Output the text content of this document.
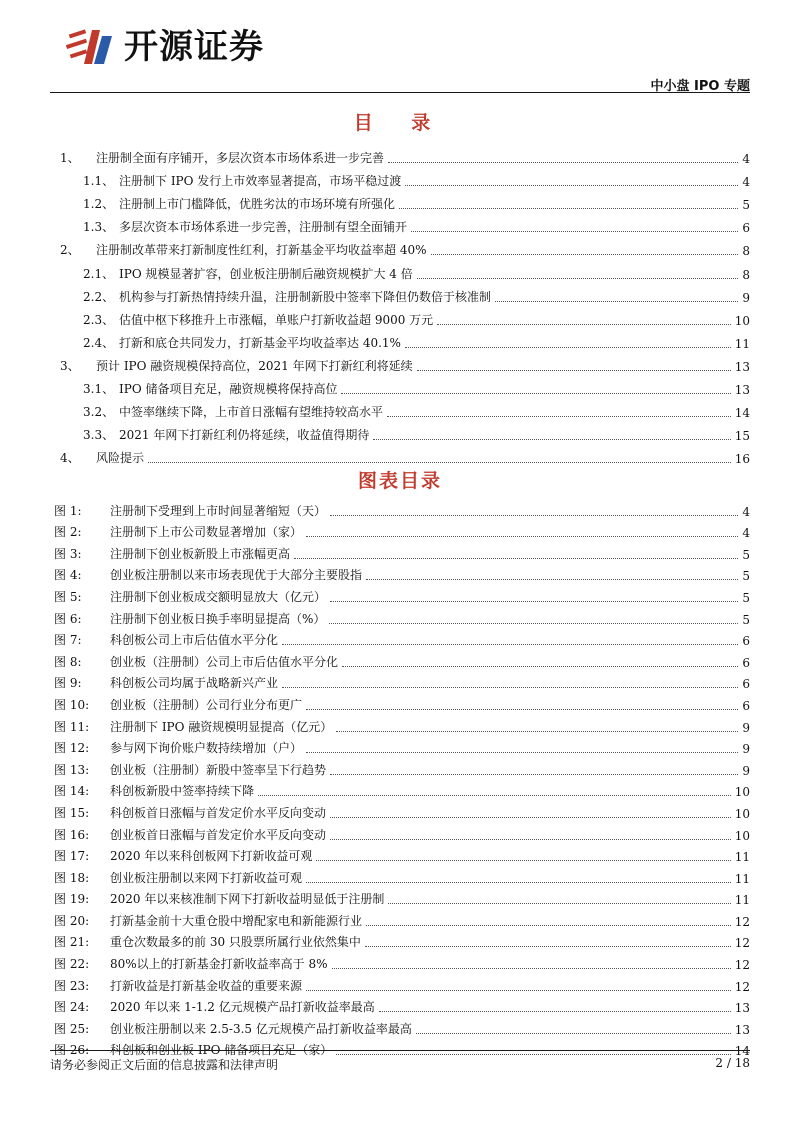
开源证券
中小盘 IPO 专题
目 录
1、	注册制全面有序铺开，多层次资本市场体系进一步完善	4
1.1、 注册制下 IPO 发行上市效率显著提高，市场平稳过渡	4
1.2、 注册制上市门槛降低，优胜劣汰的市场环境有所强化	5
1.3、 多层次资本市场体系进一步完善，注册制有望全面铺开	6
2、	注册制改革带来打新制度性红利，打新基金平均收益率超 40%	8
2.1、 IPO 规模显著扩容，创业板注册制后融资规模扩大 4 倍	8
2.2、 机构参与打新热情持续升温，注册制新股中签率下降但仍数倍于核准制	9
2.3、 估值中枢下移推升上市涨幅，单账户打新收益超 9000 万元	10
2.4、 打新和底仓共同发力，打新基金平均收益率达 40.1%	11
3、	预计 IPO 融资规模保持高位，2021 年网下打新红利将延续	13
3.1、 IPO 储备项目充足，融资规模将保持高位	13
3.2、 中签率继续下降，上市首日涨幅有望维持较高水平	14
3.3、 2021 年网下打新红利仍将延续，收益值得期待	15
4、	风险提示	16
图表目录
图 1:	注册制下受理到上市时间显著缩短（天）	4
图 2:	注册制下上市公司数显著增加（家）	4
图 3:	注册制下创业板新股上市涨幅更高	5
图 4:	创业板注册制以来市场表现优于大部分主要股指	5
图 5:	注册制下创业板成交额明显放大（亿元）	5
图 6:	注册制下创业板日换手率明显提高（%）	5
图 7:	科创板公司上市后估值水平分化	6
图 8:	创业板（注册制）公司上市后估值水平分化	6
图 9:	科创板公司均属于战略新兴产业	6
图 10:	创业板（注册制）公司行业分布更广	6
图 11:	注册制下 IPO 融资规模明显提高（亿元）	9
图 12:	参与网下询价账户数持续增加（户）	9
图 13:	创业板（注册制）新股中签率呈下行趋势	9
图 14:	科创板新股中签率持续下降	10
图 15:	科创板首日涨幅与首发定价水平反向变动	10
图 16:	创业板首日涨幅与首发定价水平反向变动	10
图 17:	2020 年以来科创板网下打新收益可观	11
图 18:	创业板注册制以来网下打新收益可观	11
图 19:	2020 年以来核准制下网下打新收益明显低于注册制	11
图 20:	打新基金前十大重仓股中增配家电和新能源行业	12
图 21:	重仓次数最多的前 30 只股票所属行业依然集中	12
图 22:	80%以上的打新基金打新收益率高于 8%	12
图 23:	打新收益是打新基金收益的重要来源	12
图 24:	2020 年以来 1-1.2 亿元规模产品打新收益率最高	13
图 25:	创业板注册制以来 2.5-3.5 亿元规模产品打新收益率最高	13
图 26:	科创板和创业板 IPO 储备项目充足（家）	14
请务必参阅正文后面的信息披露和法律声明	2 / 18
